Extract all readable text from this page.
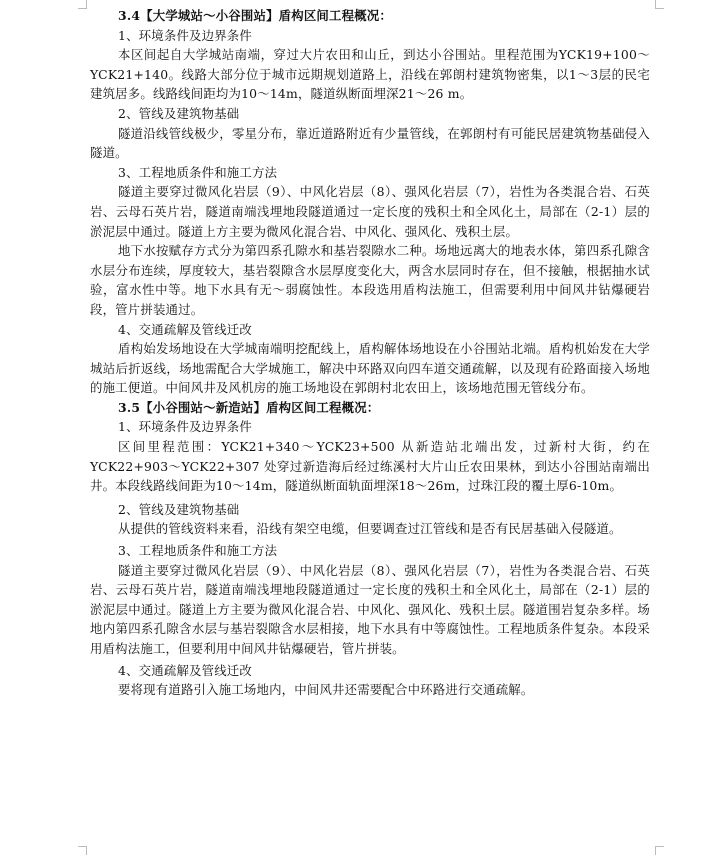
3.4【大学城站～小谷围站】盾构区间工程概况：

1、环境条件及边界条件

本区间起自大学城站南端，穿过大片农田和山丘，到达小谷围站。里程范围为YCK19+100～YCK21+140。线路大部分位于城市远期规划道路上，沿线在郭朗村建筑物密集，以1～3层的民宅建筑居多。线路线间距均为10～14m，隧道纵断面埋深21～26 m。

2、管线及建筑物基础

隧道沿线管线极少，零星分布，靠近道路附近有少量管线，在郭朗村有可能民居建筑物基础侵入隧道。

3、工程地质条件和施工方法

隧道主要穿过微风化岩层（9）、中风化岩层（8）、强风化岩层（7），岩性为各类混合岩、石英岩、云母石英片岩，隧道南端浅埋地段隧道通过一定长度的残积土和全风化土，局部在（2-1）层的淤泥层中通过。隧道上方主要为微风化混合岩、中风化、强风化、残积土层。

地下水按赋存方式分为第四系孔隙水和基岩裂隙水二种。场地远离大的地表水体，第四系孔隙含水层分布连续，厚度较大，基岩裂隙含水层厚度变化大，两含水层同时存在，但不接触，根据抽水试验，富水性中等。地下水具有无～弱腐蚀性。本段选用盾构法施工，但需要利用中间风井钻爆硬岩段，管片拼装通过。

4、交通疏解及管线迁改

盾构始发场地设在大学城南端明挖配线上，盾构解体场地设在小谷围站北端。盾构机始发在大学城站后折返线，场地需配合大学城施工，解决中环路双向四车道交通疏解，以及现有砼路面接入场地的施工便道。中间风井及风机房的施工场地设在郭朗村北农田上，该场地范围无管线分布。

3.5【小谷围站～新造站】盾构区间工程概况：

1、环境条件及边界条件

区间里程范围：YCK21+340～YCK23+500 从新造站北端出发，过新村大街，约在YCK22+903～YCK22+307 处穿过新造海后经过练溪村大片山丘农田果林，到达小谷围站南端出井。本段线路线间距为10～14m，隧道纵断面轨面埋深18～26m，过珠江段的覆土厚6-10m。

2、管线及建筑物基础

从提供的管线资料来看，沿线有架空电缆，但要调查过江管线和是否有民居基础入侵隧道。

3、工程地质条件和施工方法

隧道主要穿过微风化岩层（9）、中风化岩层（8）、强风化岩层（7），岩性为各类混合岩、石英岩、云母石英片岩，隧道南端浅埋地段隧道通过一定长度的残积土和全风化土，局部在（2-1）层的淤泥层中通过。隧道上方主要为微风化混合岩、中风化、强风化、残积土层。隧道围岩复杂多样。场地内第四系孔隙含水层与基岩裂隙含水层相接，地下水具有中等腐蚀性。工程地质条件复杂。本段采用盾构法施工，但要利用中间风井钻爆硬岩，管片拼装。

4、交通疏解及管线迁改

要将现有道路引入施工场地内，中间风井还需要配合中环路进行交通疏解。
